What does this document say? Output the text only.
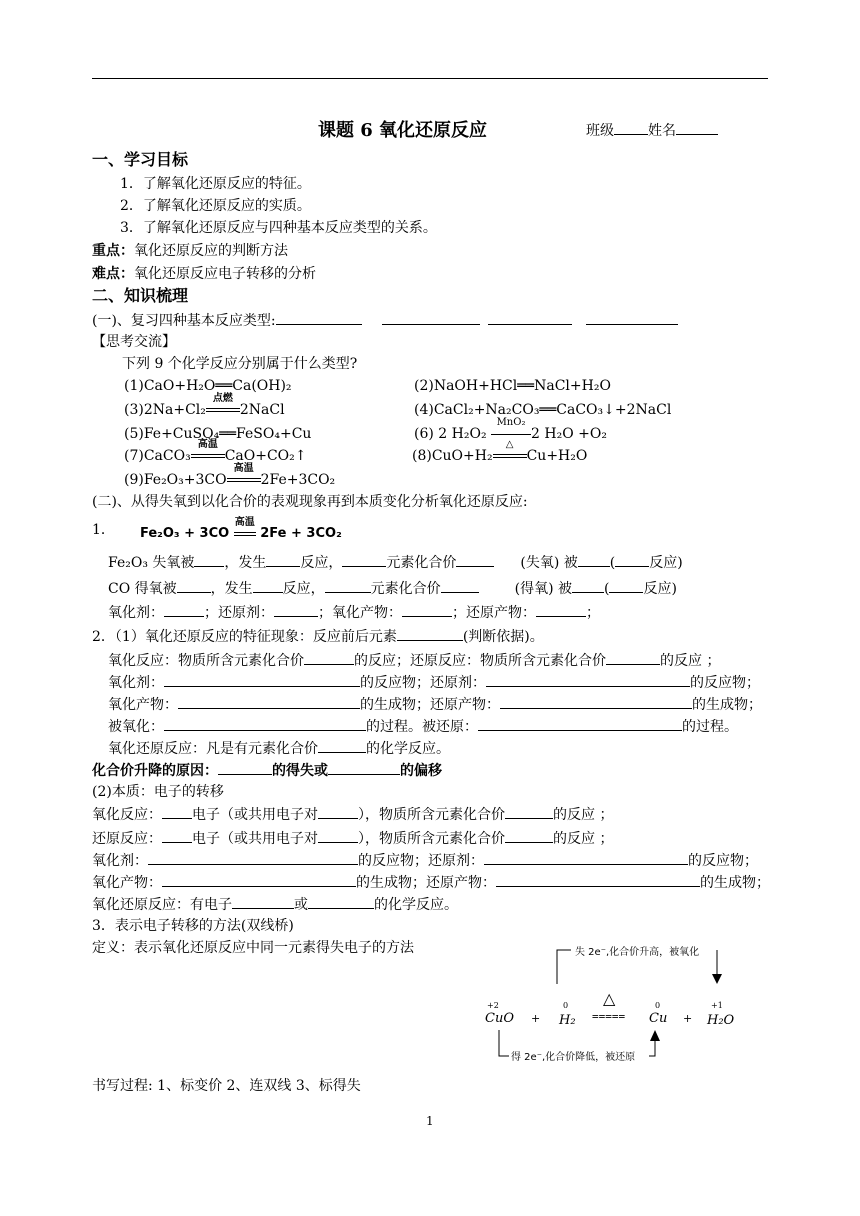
课题 6 氧化还原反应	班级 姓名
一、学习目标
1．了解氧化还原反应的特征。
2．了解氧化还原反应的实质。
3．了解氧化还原反应与四种基本反应类型的关系。
重点：氧化还原反应的判断方法
难点：氧化还原反应电子转移的分析
二、知识梳理
(一)、复习四种基本反应类型:
【思考交流】
下列 9 个化学反应分别属于什么类型?
(1)CaO+H₂O══Ca(OH)₂	(2)NaOH+HCl══NaCl+H₂O
(3)2Na+Cl₂
点燃
2NaCl	(4)CaCl₂+Na₂CO₃══CaCO₃↓+2NaCl
(5)Fe+CuSO₄══FeSO₄+Cu	(6) 2 H₂O₂
MnO₂
2 H₂O +O₂
(7)CaCO₃
高温
CaO+CO₂↑	(8)CuO+H₂
△
Cu+H₂O
(9)Fe₂O₃+3CO
高温
2Fe+3CO₂
(二)、从得失氧到以化合价的表观现象再到本质变化分析氧化还原反应:
1． Fe₂O₃ + 3CO
高温
2Fe + 3CO₂
Fe₂O₃ 失氧被 ，发生 反应，	元素化合价	(失氧) 被 ( 反应)
CO 得氧被 ，发生 反应，	元素化合价	(得氧) 被 ( 反应)
氧化剂：	；还原剂：	；氧化产物：	；还原产物：	；
2．（1）氧化还原反应的特征现象：反应前后元素	(判断依据)。
氧化反应：物质所含元素化合价	的反应；还原反应：物质所含元素化合价	的反应 ；
氧化剂：	的反应物；还原剂：	的反应物；
氧化产物：	的生成物；还原产物：	的生成物；
被氧化：	的过程。被还原：	的过程。
氧化还原反应：凡是有元素化合价	的化学反应。
化合价升降的原因：	的得失或	的偏移
(2)本质：电子的转移
氧化反应： 电子（或共用电子对	），物质所含元素化合价	的反应 ；
还原反应： 电子（或共用电子对	），物质所含元素化合价	的反应 ；
氧化剂：	的反应物；还原剂：	的反应物；
氧化产物：	的生成物；还原产物：	的生成物；
氧化还原反应：有电子	或	的化学反应。
3．表示电子转移的方法(双线桥)
定义：表示氧化还原反应中同一元素得失电子的方法	失 2e⁻,化合价升高，被氧化
+2	0	0	+1
△
CuO + H₂ ===== Cu + H₂O
得 2e⁻,化合价降低，被还原
书写过程: 1、标变价 2、连双线 3、标得失
1
